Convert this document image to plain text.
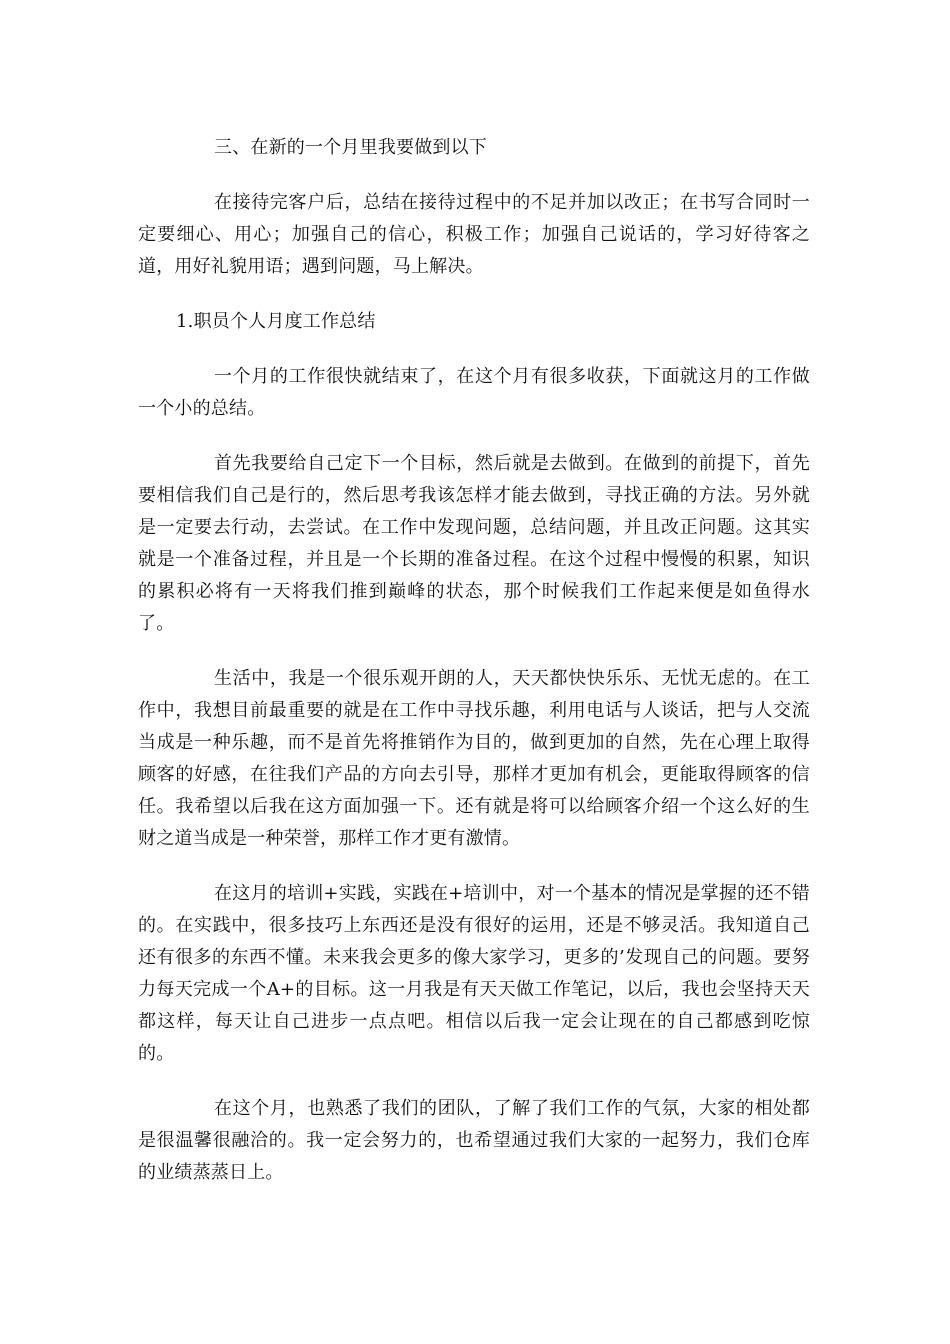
三、在新的一个月里我要做到以下

在接待完客户后，总结在接待过程中的不足并加以改正；在书写合同时一定要细心、用心；加强自己的信心，积极工作；加强自己说话的，学习好待客之道，用好礼貌用语；遇到问题，马上解决。

1.职员个人月度工作总结

一个月的工作很快就结束了，在这个月有很多收获，下面就这月的工作做一个小的总结。

首先我要给自己定下一个目标，然后就是去做到。在做到的前提下，首先要相信我们自己是行的，然后思考我该怎样才能去做到，寻找正确的方法。另外就是一定要去行动，去尝试。在工作中发现问题，总结问题，并且改正问题。这其实就是一个准备过程，并且是一个长期的准备过程。在这个过程中慢慢的积累，知识的累积必将有一天将我们推到巅峰的状态，那个时候我们工作起来便是如鱼得水了。

生活中，我是一个很乐观开朗的人，天天都快快乐乐、无忧无虑的。在工作中，我想目前最重要的就是在工作中寻找乐趣，利用电话与人谈话，把与人交流当成是一种乐趣，而不是首先将推销作为目的，做到更加的自然，先在心理上取得顾客的好感，在往我们产品的方向去引导，那样才更加有机会，更能取得顾客的信任。我希望以后我在这方面加强一下。还有就是将可以给顾客介绍一个这么好的生财之道当成是一种荣誉，那样工作才更有激情。

在这月的培训+实践，实践在+培训中，对一个基本的情况是掌握的还不错的。在实践中，很多技巧上东西还是没有很好的运用，还是不够灵活。我知道自己还有很多的东西不懂。未来我会更多的像大家学习，更多的’发现自己的问题。要努力每天完成一个A+的目标。这一月我是有天天做工作笔记，以后，我也会坚持天天都这样，每天让自己进步一点点吧。相信以后我一定会让现在的自己都感到吃惊的。

在这个月，也熟悉了我们的团队，了解了我们工作的气氛，大家的相处都是很温馨很融洽的。我一定会努力的，也希望通过我们大家的一起努力，我们仓库的业绩蒸蒸日上。
